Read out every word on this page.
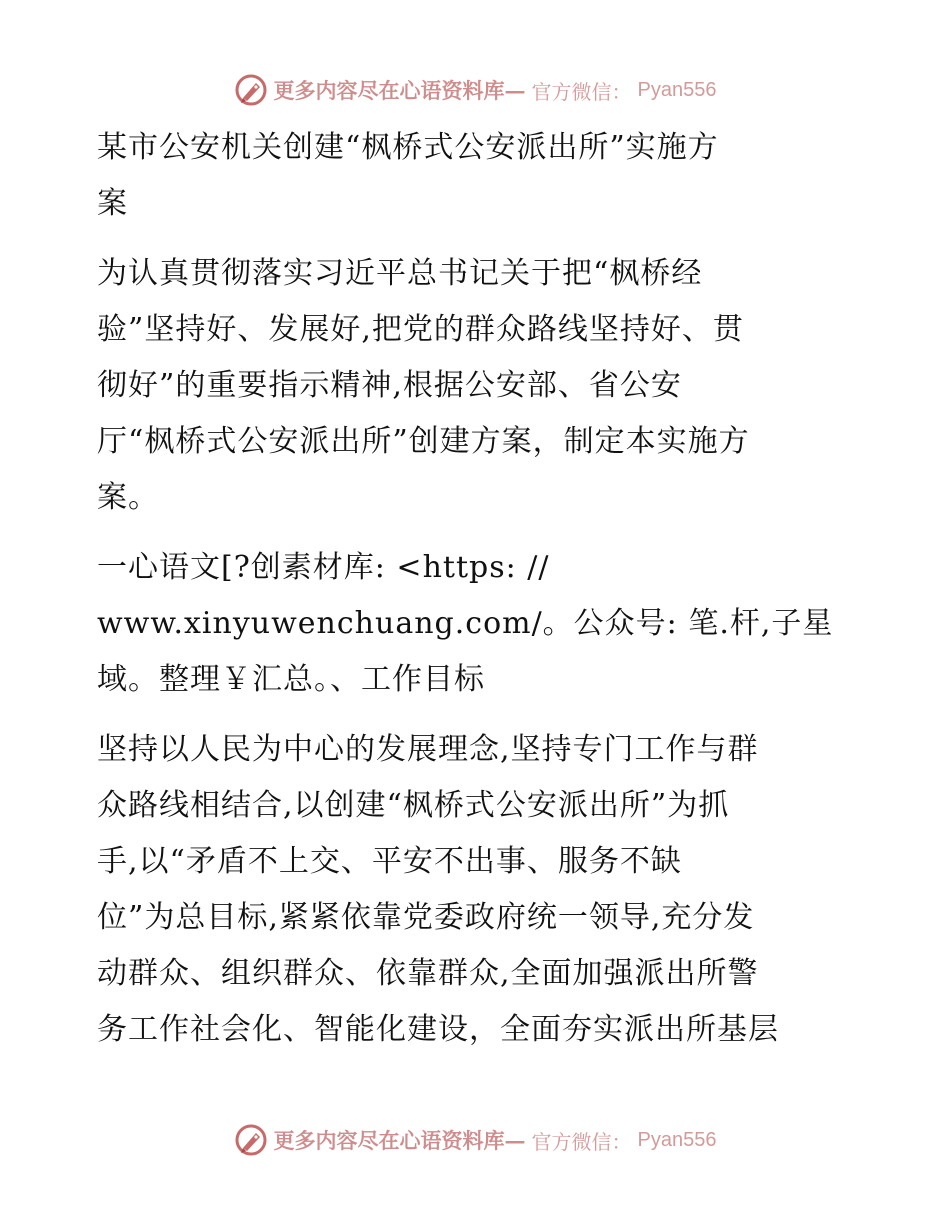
更多内容尽在心语资料库— 官方微信： Pyan556
某市公安机关创建“枫桥式公安派出所”实施方
案
为认真贯彻落实习近平总书记关于把“枫桥经
验”坚持好、发展好,把党的群众路线坚持好、贯
彻好”的重要指示精神,根据公安部、省公安
厅“枫桥式公安派出所”创建方案，制定本实施方
案。
一心语文[?创素材库: <https: //
www.xinyuwenchuang.com/。公众号: 笔.杆,子星
域。整理￥汇总。、工作目标
坚持以人民为中心的发展理念,坚持专门工作与群
众路线相结合,以创建“枫桥式公安派出所”为抓
手,以“矛盾不上交、平安不出事、服务不缺
位”为总目标,紧紧依靠党委政府统一领导,充分发
动群众、组织群众、依靠群众,全面加强派出所警
务工作社会化、智能化建设，全面夯实派出所基层
更多内容尽在心语资料库— 官方微信： Pyan556
